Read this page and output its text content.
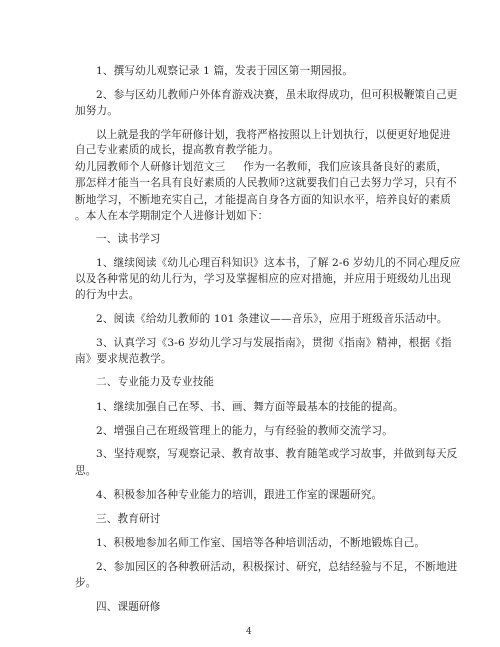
1、撰写幼儿观察记录 1 篇，发表于园区第一期园报。
2、参与区幼儿教师户外体育游戏决赛，虽未取得成功，但可积极鞭策自己更
加努力。
以上就是我的学年研修计划，我将严格按照以上计划执行，以便更好地促进
自己专业素质的成长，提高教育教学能力。
幼儿园教师个人研修计划范文三 　 作为一名教师，我们应该具备良好的素质，
那怎样才能当一名具有良好素质的人民教师?这就要我们自己去努力学习，只有不
断地学习，不断地充实自己，才能提高自身各方面的知识水平，培养良好的素质
。本人在本学期制定个人进修计划如下：
一、读书学习
1、继续阅读《幼儿心理百科知识》这本书，了解 2-6 岁幼儿的不同心理反应
以及各种常见的幼儿行为，学习及掌握相应的应对措施，并应用于班级幼儿出现
的行为中去。
2、阅读《给幼儿教师的 101 条建议——音乐》，应用于班级音乐活动中。
3、认真学习《3-6 岁幼儿学习与发展指南》，贯彻《指南》精神，根据《指
南》要求规范教学。
二、专业能力及专业技能
1、继续加强自己在琴、书、画、舞方面等最基本的技能的提高。
2、增强自己在班级管理上的能力，与有经验的教师交流学习。
3、坚持观察，写观察记录、教育故事、教育随笔或学习故事，并做到每天反
思。
4、积极参加各种专业能力的培训，跟进工作室的课题研究。
三、教育研讨
1、积极地参加名师工作室、国培等各种培训活动，不断地锻炼自己。
2、参加园区的各种教研活动，积极探讨、研究，总结经验与不足，不断地进
步。
四、课题研修
4
